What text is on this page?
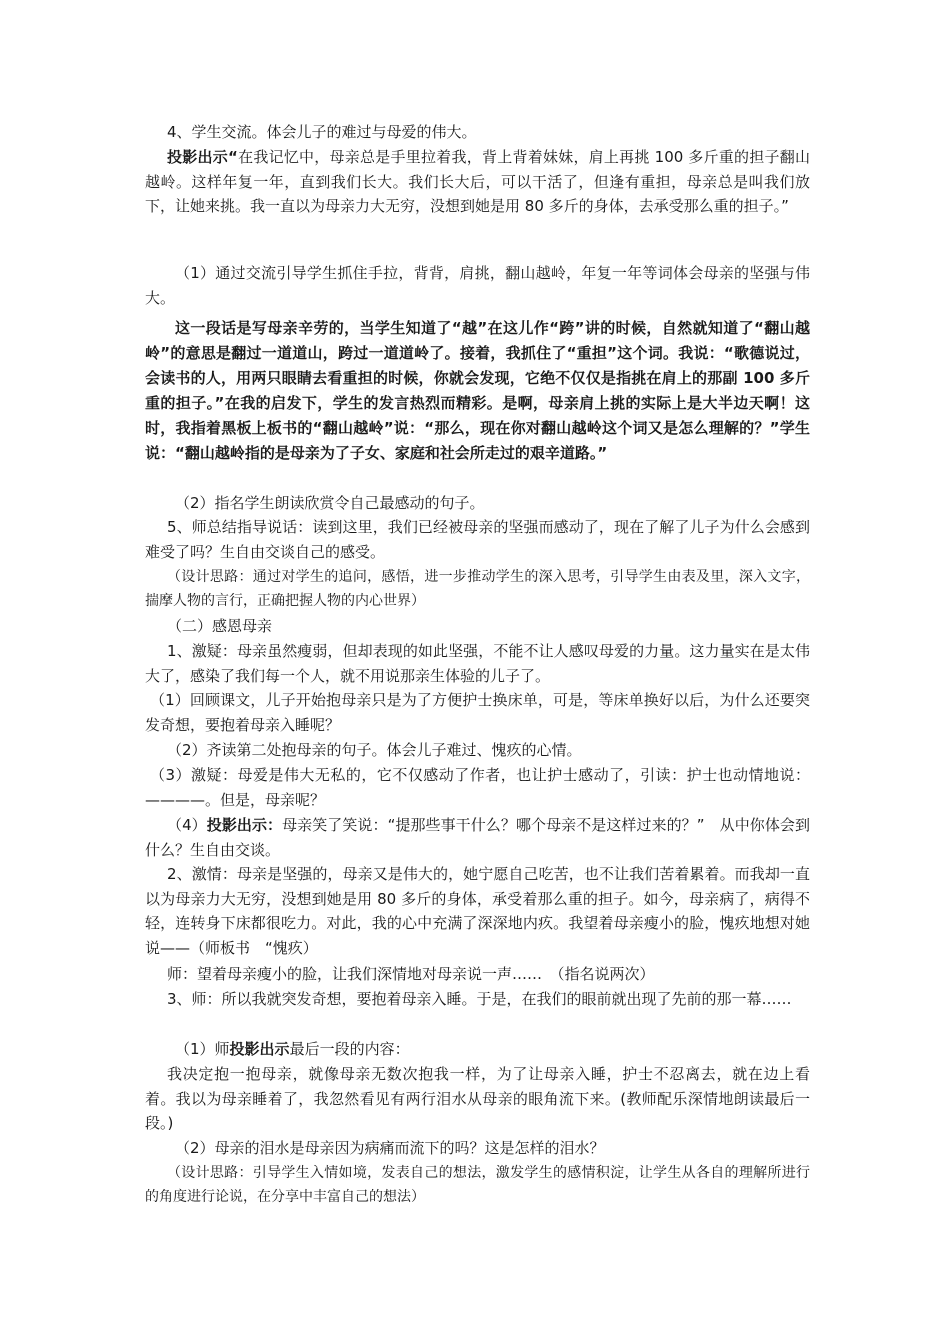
4、学生交流。体会儿子的难过与母爱的伟大。

投影出示“在我记忆中，母亲总是手里拉着我，背上背着妹妹，肩上再挑 100 多斤重的担子翻山越岭。这样年复一年，直到我们长大。我们长大后，可以干活了，但逢有重担，母亲总是叫我们放下，让她来挑。我一直以为母亲力大无穷，没想到她是用 80 多斤的身体，去承受那么重的担子。”

（1）通过交流引导学生抓住手拉，背背，肩挑，翻山越岭，年复一年等词体会母亲的坚强与伟大。

这一段话是写母亲辛劳的，当学生知道了“越”在这儿作“跨”讲的时候，自然就知道了“翻山越岭”的意思是翻过一道道山，跨过一道道岭了。接着，我抓住了“重担”这个词。我说：“歌德说过，会读书的人，用两只眼睛去看重担的时候，你就会发现，它绝不仅仅是指挑在肩上的那副 100 多斤重的担子。”在我的启发下，学生的发言热烈而精彩。是啊，母亲肩上挑的实际上是大半边天啊！这时，我指着黑板上板书的“翻山越岭”说：“那么，现在你对翻山越岭这个词又是怎么理解的？”学生说：“翻山越岭指的是母亲为了子女、家庭和社会所走过的艰辛道路。”

（2）指名学生朗读欣赏令自己最感动的句子。

5、师总结指导说话：读到这里，我们已经被母亲的坚强而感动了，现在了解了儿子为什么会感到难受了吗？生自由交谈自己的感受。

（设计思路：通过对学生的追问，感悟，进一步推动学生的深入思考，引导学生由表及里，深入文字，揣摩人物的言行，正确把握人物的内心世界）

（二）感恩母亲

1、激疑：母亲虽然瘦弱，但却表现的如此坚强，不能不让人感叹母爱的力量。这力量实在是太伟大了，感染了我们每一个人，就不用说那亲生体验的儿子了。

（1）回顾课文，儿子开始抱母亲只是为了方便护士换床单，可是，等床单换好以后，为什么还要突发奇想，要抱着母亲入睡呢？

（2）齐读第二处抱母亲的句子。体会儿子难过、愧疚的心情。

（3）激疑：母爱是伟大无私的，它不仅感动了作者，也让护士感动了，引读：护士也动情地说：————。但是，母亲呢？

（4）投影出示：母亲笑了笑说：“提那些事干什么？哪个母亲不是这样过来的？”　从中你体会到什么？生自由交谈。

2、激情：母亲是坚强的，母亲又是伟大的，她宁愿自己吃苦，也不让我们苦着累着。而我却一直以为母亲力大无穷，没想到她是用 80 多斤的身体，承受着那么重的担子。如今，母亲病了，病得不轻，连转身下床都很吃力。对此，我的心中充满了深深地内疚。我望着母亲瘦小的脸，愧疚地想对她说——（师板书　“愧疚）

师：望着母亲瘦小的脸，让我们深情地对母亲说一声……　（指名说两次）

3、师：所以我就突发奇想，要抱着母亲入睡。于是，在我们的眼前就出现了先前的那一幕……

（1）师投影出示最后一段的内容：

我决定抱一抱母亲，就像母亲无数次抱我一样，为了让母亲入睡，护士不忍离去，就在边上看着。我以为母亲睡着了，我忽然看见有两行泪水从母亲的眼角流下来。(教师配乐深情地朗读最后一段。)

（2）母亲的泪水是母亲因为病痛而流下的吗？这是怎样的泪水？

（设计思路：引导学生入情如境，发表自己的想法，激发学生的感情积淀，让学生从各自的理解所进行的角度进行论说，在分享中丰富自己的想法）
